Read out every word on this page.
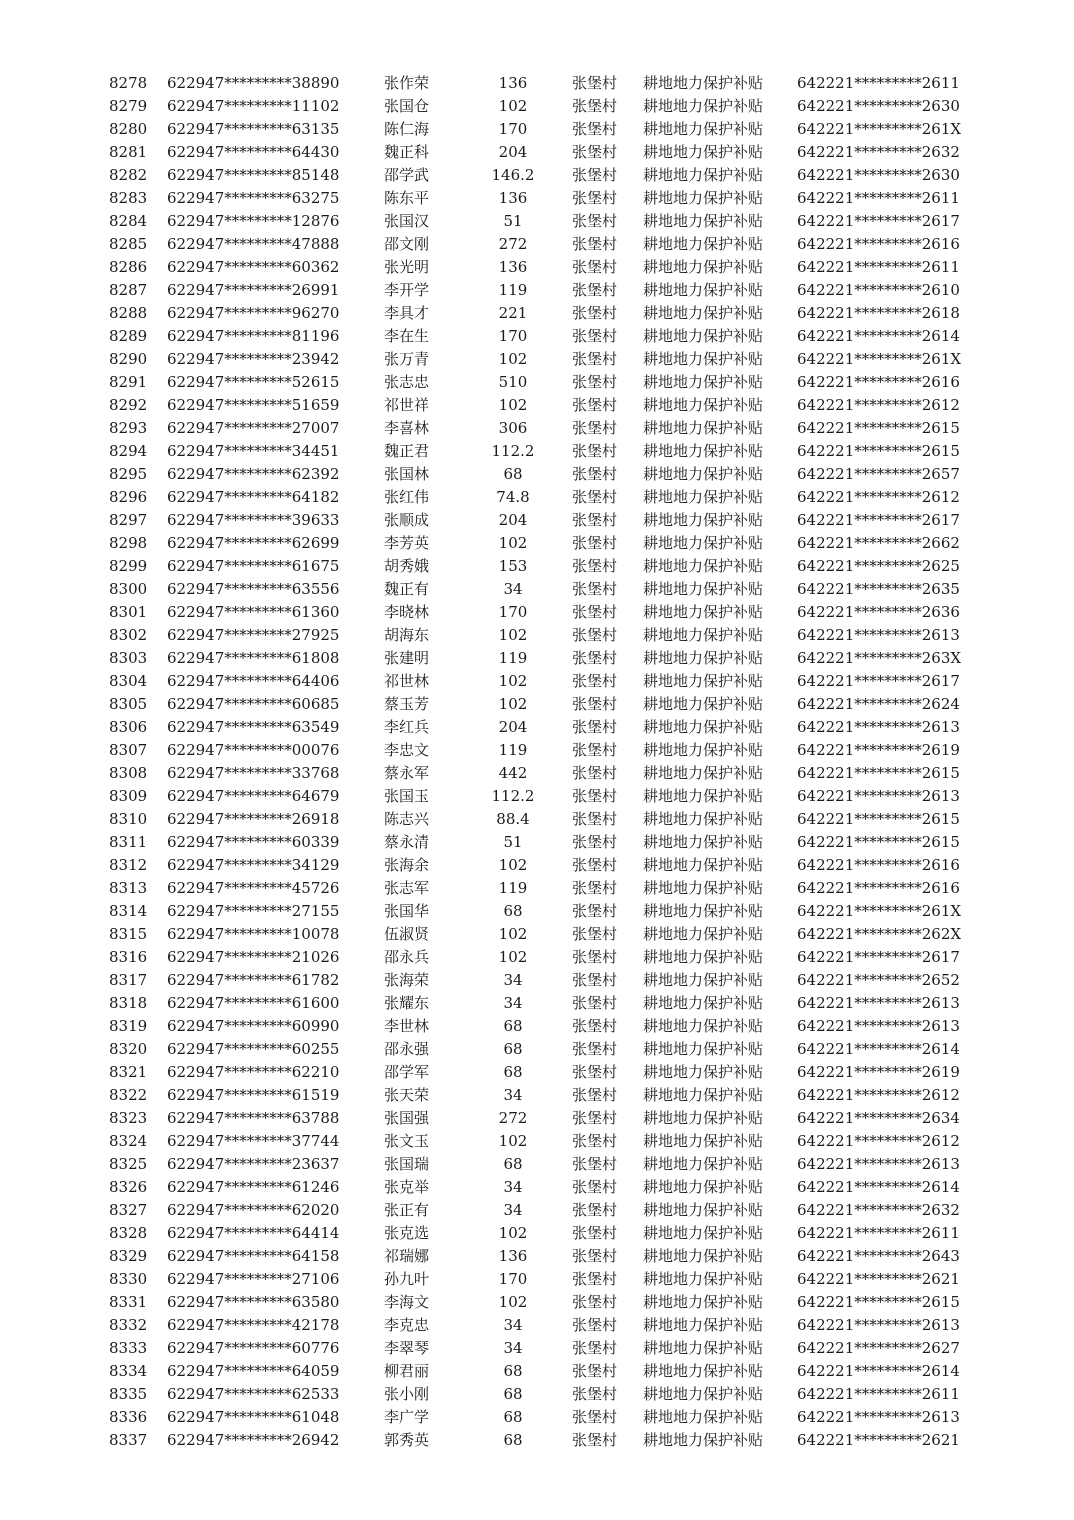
8278	622947*********38890	张作荣	136	张堡村	耕地地力保护补贴	642221*********2611
8279	622947*********11102	张国仓	102	张堡村	耕地地力保护补贴	642221*********2630
8280	622947*********63135	陈仁海	170	张堡村	耕地地力保护补贴	642221*********261X
8281	622947*********64430	魏正科	204	张堡村	耕地地力保护补贴	642221*********2632
8282	622947*********85148	邵学武	146.2	张堡村	耕地地力保护补贴	642221*********2630
8283	622947*********63275	陈东平	136	张堡村	耕地地力保护补贴	642221*********2611
8284	622947*********12876	张国汉	51	张堡村	耕地地力保护补贴	642221*********2617
8285	622947*********47888	邵文刚	272	张堡村	耕地地力保护补贴	642221*********2616
8286	622947*********60362	张光明	136	张堡村	耕地地力保护补贴	642221*********2611
8287	622947*********26991	李开学	119	张堡村	耕地地力保护补贴	642221*********2610
8288	622947*********96270	李具才	221	张堡村	耕地地力保护补贴	642221*********2618
8289	622947*********81196	李在生	170	张堡村	耕地地力保护补贴	642221*********2614
8290	622947*********23942	张万青	102	张堡村	耕地地力保护补贴	642221*********261X
8291	622947*********52615	张志忠	510	张堡村	耕地地力保护补贴	642221*********2616
8292	622947*********51659	祁世祥	102	张堡村	耕地地力保护补贴	642221*********2612
8293	622947*********27007	李喜林	306	张堡村	耕地地力保护补贴	642221*********2615
8294	622947*********34451	魏正君	112.2	张堡村	耕地地力保护补贴	642221*********2615
8295	622947*********62392	张国林	68	张堡村	耕地地力保护补贴	642221*********2657
8296	622947*********64182	张红伟	74.8	张堡村	耕地地力保护补贴	642221*********2612
8297	622947*********39633	张顺成	204	张堡村	耕地地力保护补贴	642221*********2617
8298	622947*********62699	李芳英	102	张堡村	耕地地力保护补贴	642221*********2662
8299	622947*********61675	胡秀娥	153	张堡村	耕地地力保护补贴	642221*********2625
8300	622947*********63556	魏正有	34	张堡村	耕地地力保护补贴	642221*********2635
8301	622947*********61360	李晓林	170	张堡村	耕地地力保护补贴	642221*********2636
8302	622947*********27925	胡海东	102	张堡村	耕地地力保护补贴	642221*********2613
8303	622947*********61808	张建明	119	张堡村	耕地地力保护补贴	642221*********263X
8304	622947*********64406	祁世林	102	张堡村	耕地地力保护补贴	642221*********2617
8305	622947*********60685	蔡玉芳	102	张堡村	耕地地力保护补贴	642221*********2624
8306	622947*********63549	李红兵	204	张堡村	耕地地力保护补贴	642221*********2613
8307	622947*********00076	李忠文	119	张堡村	耕地地力保护补贴	642221*********2619
8308	622947*********33768	蔡永军	442	张堡村	耕地地力保护补贴	642221*********2615
8309	622947*********64679	张国玉	112.2	张堡村	耕地地力保护补贴	642221*********2613
8310	622947*********26918	陈志兴	88.4	张堡村	耕地地力保护补贴	642221*********2615
8311	622947*********60339	蔡永清	51	张堡村	耕地地力保护补贴	642221*********2615
8312	622947*********34129	张海余	102	张堡村	耕地地力保护补贴	642221*********2616
8313	622947*********45726	张志军	119	张堡村	耕地地力保护补贴	642221*********2616
8314	622947*********27155	张国华	68	张堡村	耕地地力保护补贴	642221*********261X
8315	622947*********10078	伍淑贤	102	张堡村	耕地地力保护补贴	642221*********262X
8316	622947*********21026	邵永兵	102	张堡村	耕地地力保护补贴	642221*********2617
8317	622947*********61782	张海荣	34	张堡村	耕地地力保护补贴	642221*********2652
8318	622947*********61600	张耀东	34	张堡村	耕地地力保护补贴	642221*********2613
8319	622947*********60990	李世林	68	张堡村	耕地地力保护补贴	642221*********2613
8320	622947*********60255	邵永强	68	张堡村	耕地地力保护补贴	642221*********2614
8321	622947*********62210	邵学军	68	张堡村	耕地地力保护补贴	642221*********2619
8322	622947*********61519	张天荣	34	张堡村	耕地地力保护补贴	642221*********2612
8323	622947*********63788	张国强	272	张堡村	耕地地力保护补贴	642221*********2634
8324	622947*********37744	张文玉	102	张堡村	耕地地力保护补贴	642221*********2612
8325	622947*********23637	张国瑞	68	张堡村	耕地地力保护补贴	642221*********2613
8326	622947*********61246	张克举	34	张堡村	耕地地力保护补贴	642221*********2614
8327	622947*********62020	张正有	34	张堡村	耕地地力保护补贴	642221*********2632
8328	622947*********64414	张克选	102	张堡村	耕地地力保护补贴	642221*********2611
8329	622947*********64158	祁瑞娜	136	张堡村	耕地地力保护补贴	642221*********2643
8330	622947*********27106	孙九叶	170	张堡村	耕地地力保护补贴	642221*********2621
8331	622947*********63580	李海文	102	张堡村	耕地地力保护补贴	642221*********2615
8332	622947*********42178	李克忠	34	张堡村	耕地地力保护补贴	642221*********2613
8333	622947*********60776	李翠琴	34	张堡村	耕地地力保护补贴	642221*********2627
8334	622947*********64059	柳君丽	68	张堡村	耕地地力保护补贴	642221*********2614
8335	622947*********62533	张小刚	68	张堡村	耕地地力保护补贴	642221*********2611
8336	622947*********61048	李广学	68	张堡村	耕地地力保护补贴	642221*********2613
8337	622947*********26942	郭秀英	68	张堡村	耕地地力保护补贴	642221*********2621
